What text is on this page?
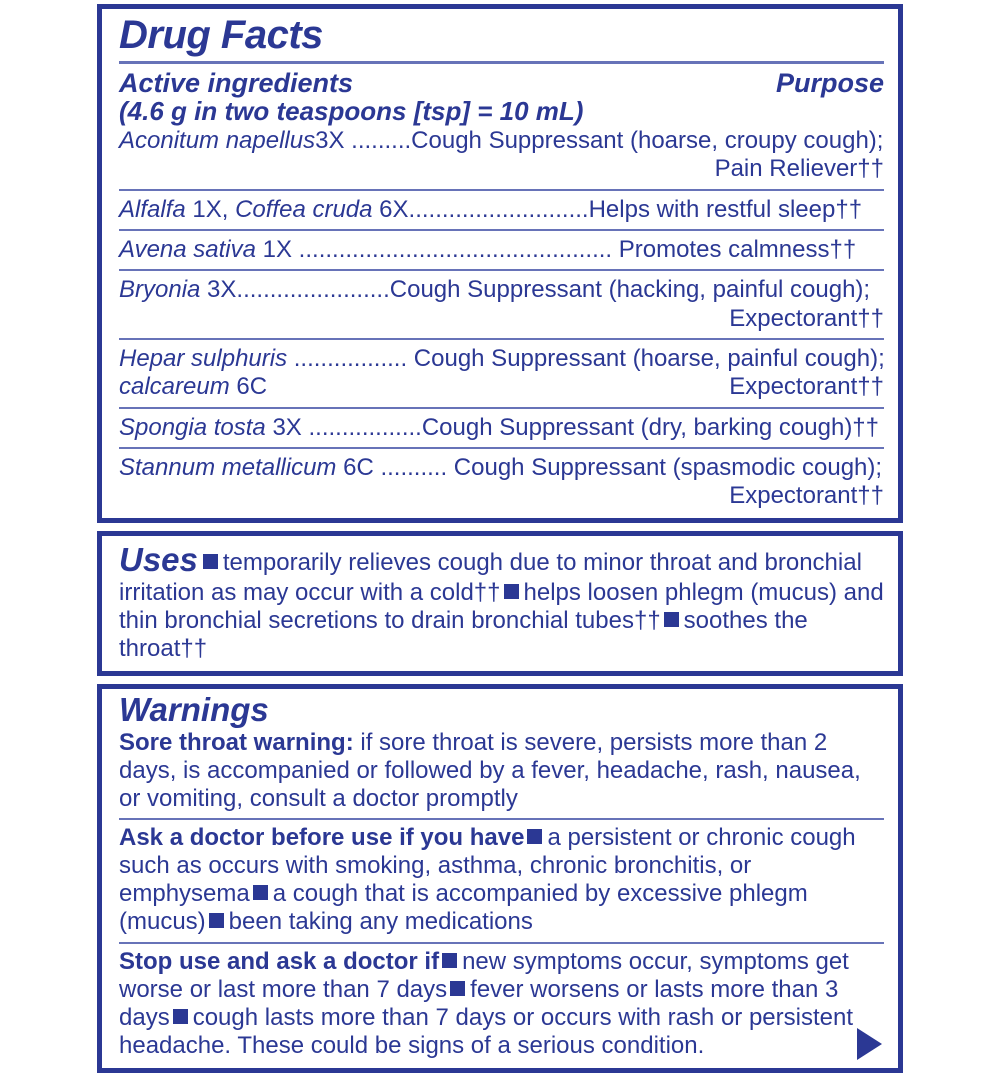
Drug Facts
Active ingredients	Purpose
(4.6 g in two teaspoons [tsp] = 10 mL)
Aconitum napellus3X .........Cough Suppressant (hoarse, croupy cough);
Pain Reliever††
Alfalfa 1X, Coffea cruda 6X...........................Helps with restful sleep††
Avena sativa 1X ............................................... Promotes calmness††
Bryonia 3X.......................Cough Suppressant (hacking, painful cough);
Expectorant††
Hepar sulphuris ................. Cough Suppressant (hoarse, painful cough);
calcareum 6C	Expectorant††
Spongia tosta 3X .................Cough Suppressant (dry, barking cough)††
Stannum metallicum 6C .......... Cough Suppressant (spasmodic cough);
Expectorant††
Uses temporarily relieves cough due to minor throat and bronchial irritation as may occur with a cold†† helps loosen phlegm (mucus) and thin bronchial secretions to drain bronchial tubes†† soothes the throat††
Warnings
Sore throat warning: if sore throat is severe, persists more than 2 days, is accompanied or followed by a fever, headache, rash, nausea, or vomiting, consult a doctor promptly
Ask a doctor before use if you have a persistent or chronic cough such as occurs with smoking, asthma, chronic bronchitis, or emphysema a cough that is accompanied by excessive phlegm (mucus) been taking any medications
Stop use and ask a doctor if new symptoms occur, symptoms get worse or last more than 7 days fever worsens or lasts more than 3 days cough lasts more than 7 days or occurs with rash or persistent headache. These could be signs of a serious condition.
